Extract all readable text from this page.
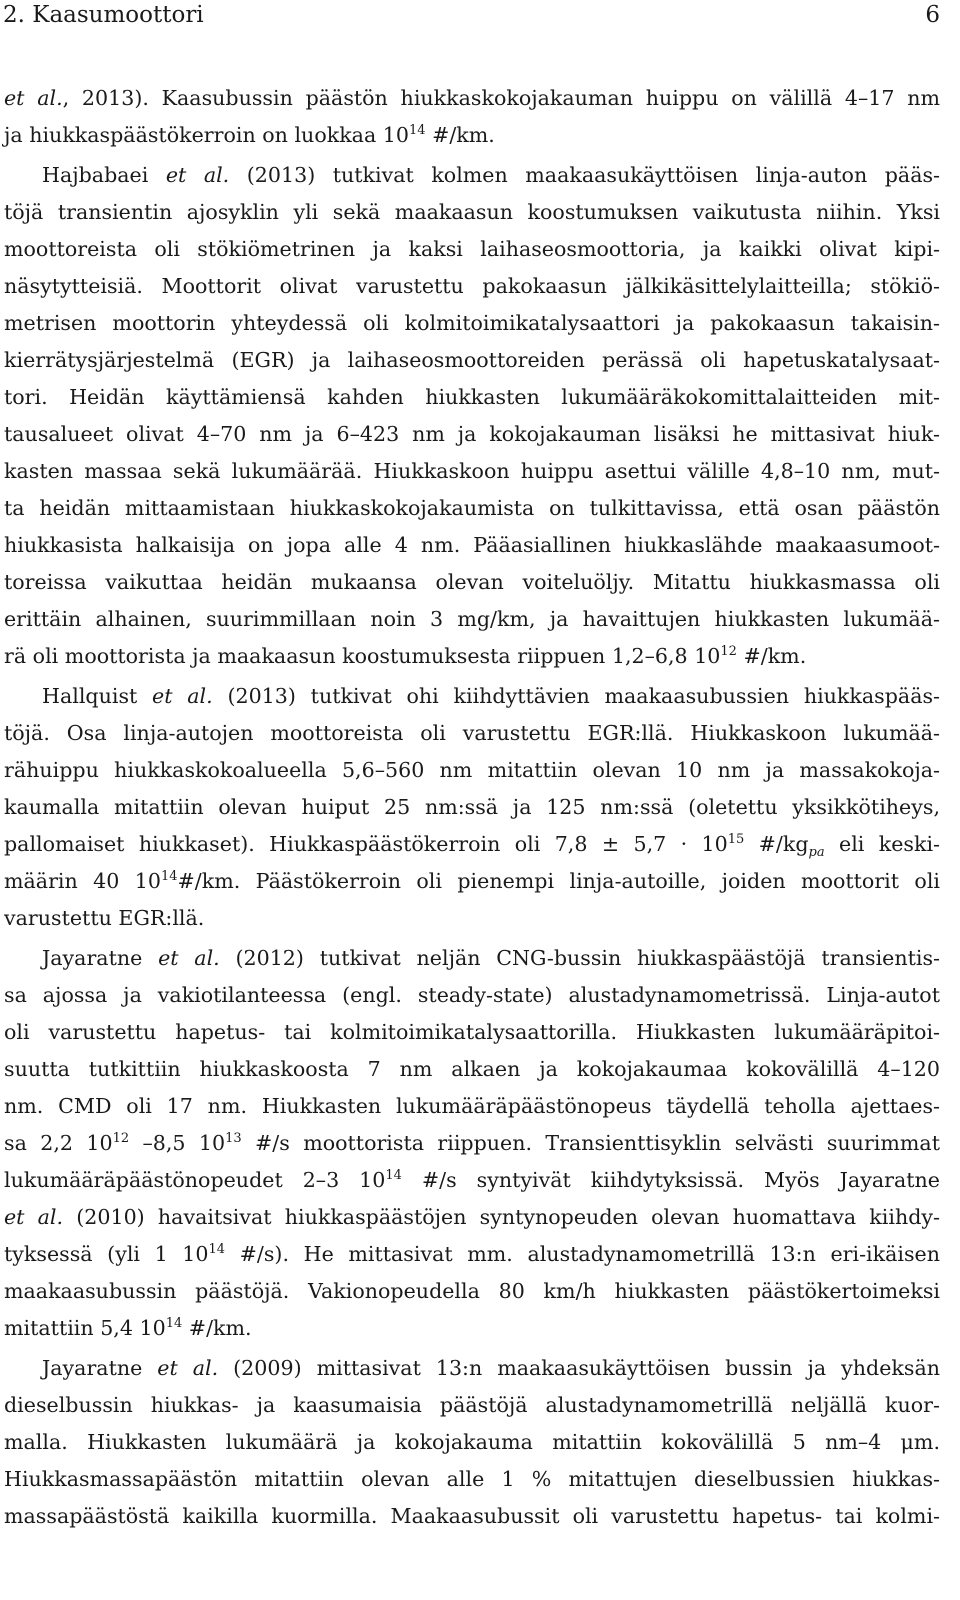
2. Kaasumoottori	6
et al., 2013). Kaasubussin päästön hiukkaskokojakauman huippu on välillä 4–17 nm
ja hiukkaspäästökerroin on luokkaa $10^{14}$ #/km.
Hajbabaei et al. (2013) tutkivat kolmen maakaasukäyttöisen linja-auton pääs-
töjä transientin ajosyklin yli sekä maakaasun koostumuksen vaikutusta niihin. Yksi
moottoreista oli stökiömetrinen ja kaksi laihaseosmoottoria, ja kaikki olivat kipi-
näsytytteisiä. Moottorit olivat varustettu pakokaasun jälkikäsittelylaitteilla; stökiö-
metrisen moottorin yhteydessä oli kolmitoimikatalysaattori ja pakokaasun takaisin-
kierrätysjärjestelmä (EGR) ja laihaseosmoottoreiden perässä oli hapetuskatalysaat-
tori. Heidän käyttämiensä kahden hiukkasten lukumääräkokomittalaitteiden mit-
tausalueet olivat 4–70 nm ja 6–423 nm ja kokojakauman lisäksi he mittasivat hiuk-
kasten massaa sekä lukumäärää. Hiukkaskoon huippu asettui välille 4,8–10 nm, mut-
ta heidän mittaamistaan hiukkaskokojakaumista on tulkittavissa, että osan päästön
hiukkasista halkaisija on jopa alle 4 nm. Pääasiallinen hiukkaslähde maakaasumoot-
toreissa vaikuttaa heidän mukaansa olevan voiteluöljy. Mitattu hiukkasmassa oli
erittäin alhainen, suurimmillaan noin 3 mg/km, ja havaittujen hiukkasten lukumää-
rä oli moottorista ja maakaasun koostumuksesta riippuen 1,2–6,8 $10^{12}$ #/km.
Hallquist et al. (2013) tutkivat ohi kiihdyttävien maakaasubussien hiukkaspääs-
töjä. Osa linja-autojen moottoreista oli varustettu EGR:llä. Hiukkaskoon lukumää-
rähuippu hiukkaskokoalueella 5,6–560 nm mitattiin olevan 10 nm ja massakokoja-
kaumalla mitattiin olevan huiput 25 nm:ssä ja 125 nm:ssä (oletettu yksikkötiheys,
pallomaiset hiukkaset). Hiukkaspäästökerroin oli $7,8 \pm 5,7 \cdot 10^{15}$ $\#/kg_{pa}$ eli keski-
määrin 40 $10^{14}\#/km$. Päästökerroin oli pienempi linja-autoille, joiden moottorit oli
varustettu EGR:llä.
Jayaratne et al. (2012) tutkivat neljän CNG-bussin hiukkaspäästöjä transientis-
sa ajossa ja vakiotilanteessa (engl. steady-state) alustadynamometrissä. Linja-autot
oli varustettu hapetus- tai kolmitoimikatalysaattorilla. Hiukkasten lukumääräpitoi-
suutta tutkittiin hiukkaskoosta 7 nm alkaen ja kokojakaumaa kokovälillä 4–120
nm. CMD oli 17 nm. Hiukkasten lukumääräpäästönopeus täydellä teholla ajettaes-
sa 2,2 $10^{12}$ –8,5 $10^{13}$ #/s moottorista riippuen. Transienttisyklin selvästi suurimmat
lukumääräpäästönopeudet 2–3 $10^{14}$ #/s syntyivät kiihdytyksissä. Myös Jayaratne
et al. (2010) havaitsivat hiukkaspäästöjen syntynopeuden olevan huomattava kiihdy-
tyksessä (yli 1 $10^{14}$ #/s). He mittasivat mm. alustadynamometrillä 13:n eri-ikäisen
maakaasubussin päästöjä. Vakionopeudella 80 km/h hiukkasten päästökertoimeksi
mitattiin 5,4 $10^{14}$ #/km.
Jayaratne et al. (2009) mittasivat 13:n maakaasukäyttöisen bussin ja yhdeksän
dieselbussin hiukkas- ja kaasumaisia päästöjä alustadynamometrillä neljällä kuor-
malla. Hiukkasten lukumäärä ja kokojakauma mitattiin kokovälillä 5 nm–4 μm.
Hiukkasmassapäästön mitattiin olevan alle 1 % mitattujen dieselbussien hiukkas-
massapäästöstä kaikilla kuormilla. Maakaasubussit oli varustettu hapetus- tai kolmi-
